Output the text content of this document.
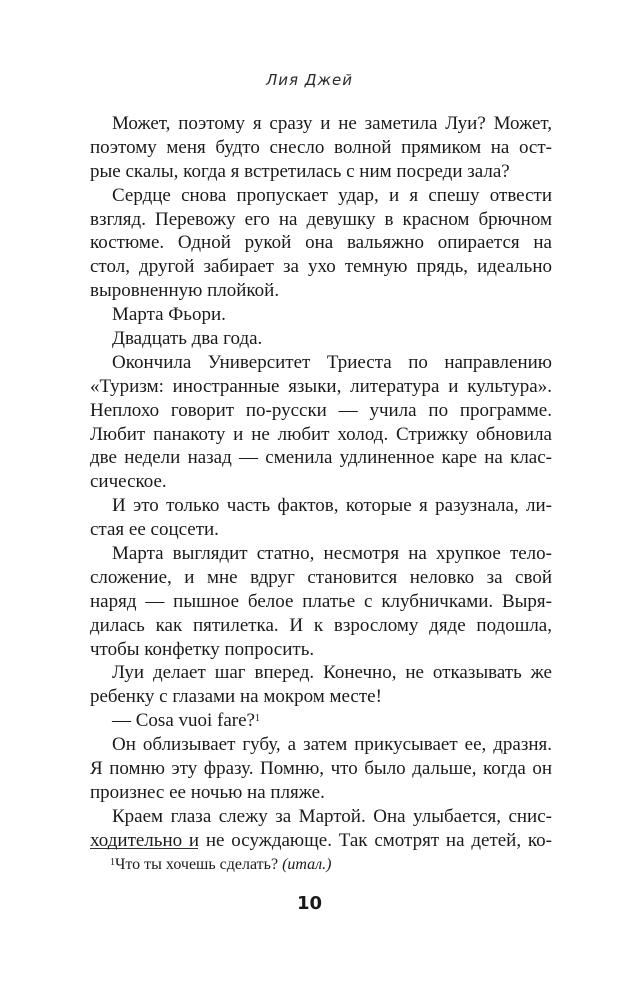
Лия Джей
Может, поэтому я сразу и не заметила Луи? Может,
поэтому меня будто снесло волной прямиком на ост-
рые скалы, когда я встретилась с ним посреди зала?
Сердце снова пропускает удар, и я спешу отвести
взгляд. Перевожу его на девушку в красном брючном
костюме. Одной рукой она вальяжно опирается на
стол, другой забирает за ухо темную прядь, идеально
выровненную плойкой.
Марта Фьори.
Двадцать два года.
Окончила Университет Триеста по направлению
«Туризм: иностранные языки, литература и культура».
Неплохо говорит по-русски — учила по программе.
Любит панакоту и не любит холод. Стрижку обновила
две недели назад — сменила удлиненное каре на клас-
сическое.
И это только часть фактов, которые я разузнала, ли-
стая ее соцсети.
Марта выглядит статно, несмотря на хрупкое тело-
сложение, и мне вдруг становится неловко за свой
наряд — пышное белое платье с клубничками. Выря-
дилась как пятилетка. И к взрослому дяде подошла,
чтобы конфетку попросить.
Луи делает шаг вперед. Конечно, не отказывать же
ребенку с глазами на мокром месте!
— Cosa vuoi fare?$^1$
Он облизывает губу, а затем прикусывает ее, дразня.
Я помню эту фразу. Помню, что было дальше, когда он
произнес ее ночью на пляже.
Краем глаза слежу за Мартой. Она улыбается, снис-
ходительно и не осуждающе. Так смотрят на детей, ко-
$^1$Что ты хочешь сделать? (итал.)
10
